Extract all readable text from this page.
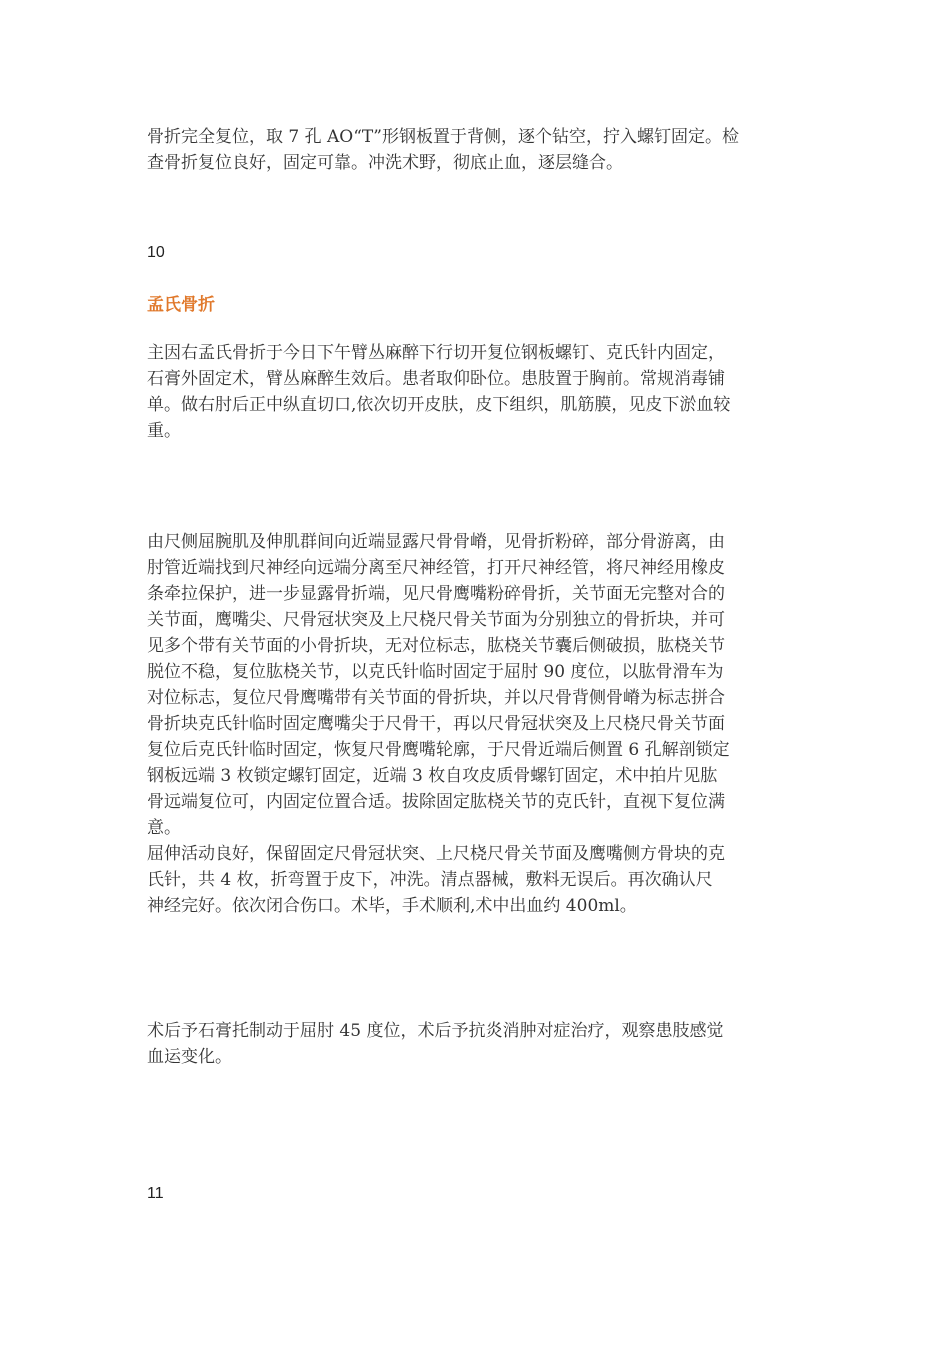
骨折完全复位，取 7 孔 AO“T”形钢板置于背侧，逐个钻空，拧入螺钉固定。检
查骨折复位良好，固定可靠。冲洗术野，彻底止血，逐层缝合。

10

孟氏骨折

主因右孟氏骨折于今日下午臂丛麻醉下行切开复位钢板螺钉、克氏针内固定，
石膏外固定术，臂丛麻醉生效后。患者取仰卧位。患肢置于胸前。常规消毒铺
单。做右肘后正中纵直切口,依次切开皮肤，皮下组织，肌筋膜，见皮下淤血较
重。

由尺侧屈腕肌及伸肌群间向近端显露尺骨骨嵴，见骨折粉碎，部分骨游离，由
肘管近端找到尺神经向远端分离至尺神经管，打开尺神经管，将尺神经用橡皮
条牵拉保护，进一步显露骨折端，见尺骨鹰嘴粉碎骨折，关节面无完整对合的
关节面，鹰嘴尖、尺骨冠状突及上尺桡尺骨关节面为分别独立的骨折块，并可
见多个带有关节面的小骨折块，无对位标志，肱桡关节囊后侧破损，肱桡关节
脱位不稳，复位肱桡关节，以克氏针临时固定于屈肘 90 度位，以肱骨滑车为
对位标志，复位尺骨鹰嘴带有关节面的骨折块，并以尺骨背侧骨嵴为标志拼合
骨折块克氏针临时固定鹰嘴尖于尺骨干，再以尺骨冠状突及上尺桡尺骨关节面
复位后克氏针临时固定，恢复尺骨鹰嘴轮廓，于尺骨近端后侧置 6 孔解剖锁定
钢板远端 3 枚锁定螺钉固定，近端 3 枚自攻皮质骨螺钉固定，术中拍片见肱
骨远端复位可，内固定位置合适。拔除固定肱桡关节的克氏针，直视下复位满
意。
屈伸活动良好，保留固定尺骨冠状突、上尺桡尺骨关节面及鹰嘴侧方骨块的克
氏针，共 4 枚，折弯置于皮下，冲洗。清点器械，敷料无误后。再次确认尺
神经完好。依次闭合伤口。术毕，手术顺利,术中出血约 400ml。

术后予石膏托制动于屈肘 45 度位，术后予抗炎消肿对症治疗，观察患肢感觉
血运变化。

11
